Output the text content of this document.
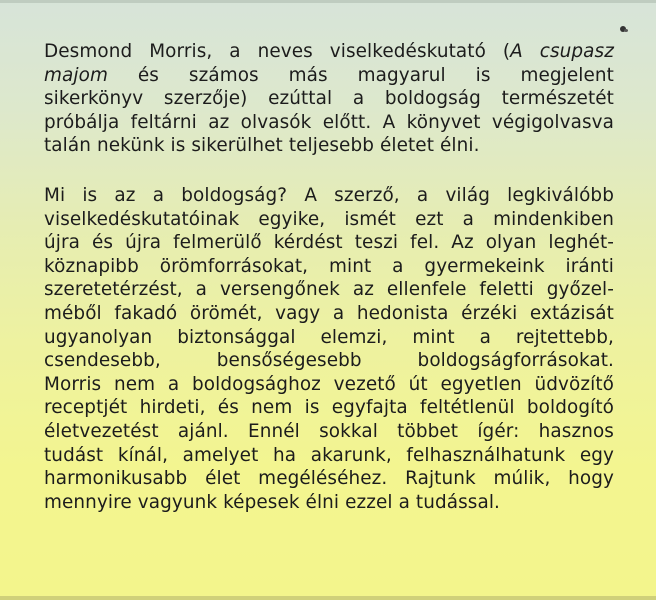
Desmond Morris, a neves viselkedéskutató (A csupasz
majom és számos más magyarul is megjelent
sikerkönyv szerzője) ezúttal a boldogság természetét
próbálja feltárni az olvasók előtt. A könyvet végigolvasva
talán nekünk is sikerülhet teljesebb életet élni.
Mi is az a boldogság? A szerző, a világ legkiválóbb
viselkedéskutatóinak egyike, ismét ezt a mindenkiben
újra és újra felmerülő kérdést teszi fel. Az olyan leghét-
köznapibb örömforrásokat, mint a gyermekeink iránti
szeretetérzést, a versengőnek az ellenfele feletti győzel-
méből fakadó örömét, vagy a hedonista érzéki extázisát
ugyanolyan biztonsággal elemzi, mint a rejtettebb,
csendesebb, bensőségesebb boldogságforrásokat.
Morris nem a boldogsághoz vezető út egyetlen üdvözítő
receptjét hirdeti, és nem is egyfajta feltétlenül boldogító
életvezetést ajánl. Ennél sokkal többet ígér: hasznos
tudást kínál, amelyet ha akarunk, felhasználhatunk egy
harmonikusabb élet megéléséhez. Rajtunk múlik, hogy
mennyire vagyunk képesek élni ezzel a tudással.
